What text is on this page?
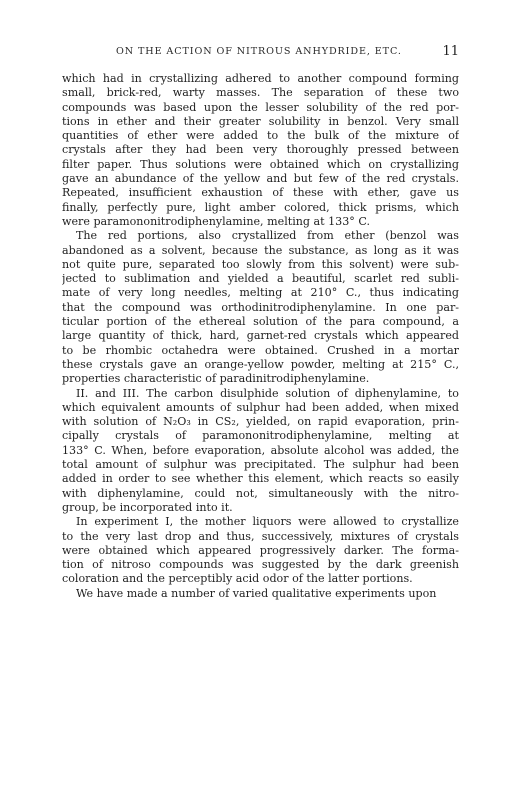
ON THE ACTION OF NITROUS ANHYDRIDE, ETC.	11
which had in crystallizing adhered to another compound forming
small, brick-red, warty masses. The separation of these two
compounds was based upon the lesser solubility of the red por-
tions in ether and their greater solubility in benzol. Very small
quantities of ether were added to the bulk of the mixture of
crystals after they had been very thoroughly pressed between
filter paper. Thus solutions were obtained which on crystallizing
gave an abundance of the yellow and but few of the red crystals.
Repeated, insufficient exhaustion of these with ether, gave us
finally, perfectly pure, light amber colored, thick prisms, which
were paramononitrodiphenylamine, melting at 133° C.
The red portions, also crystallized from ether (benzol was
abandoned as a solvent, because the substance, as long as it was
not quite pure, separated too slowly from this solvent) were sub-
jected to sublimation and yielded a beautiful, scarlet red subli-
mate of very long needles, melting at 210° C., thus indicating
that the compound was orthodinitrodiphenylamine. In one par-
ticular portion of the ethereal solution of the para compound, a
large quantity of thick, hard, garnet-red crystals which appeared
to be rhombic octahedra were obtained. Crushed in a mortar
these crystals gave an orange-yellow powder, melting at 215° C.,
properties characteristic of paradinitrodiphenylamine.
II. and III. The carbon disulphide solution of diphenylamine, to
which equivalent amounts of sulphur had been added, when mixed
with solution of N₂O₃ in CS₂, yielded, on rapid evaporation, prin-
cipally crystals of paramononitrodiphenylamine, melting at
133° C. When, before evaporation, absolute alcohol was added, the
total amount of sulphur was precipitated. The sulphur had been
added in order to see whether this element, which reacts so easily
with diphenylamine, could not, simultaneously with the nitro-
group, be incorporated into it.
In experiment I, the mother liquors were allowed to crystallize
to the very last drop and thus, successively, mixtures of crystals
were obtained which appeared progressively darker. The forma-
tion of nitroso compounds was suggested by the dark greenish
coloration and the perceptibly acid odor of the latter portions.
We have made a number of varied qualitative experiments upon
